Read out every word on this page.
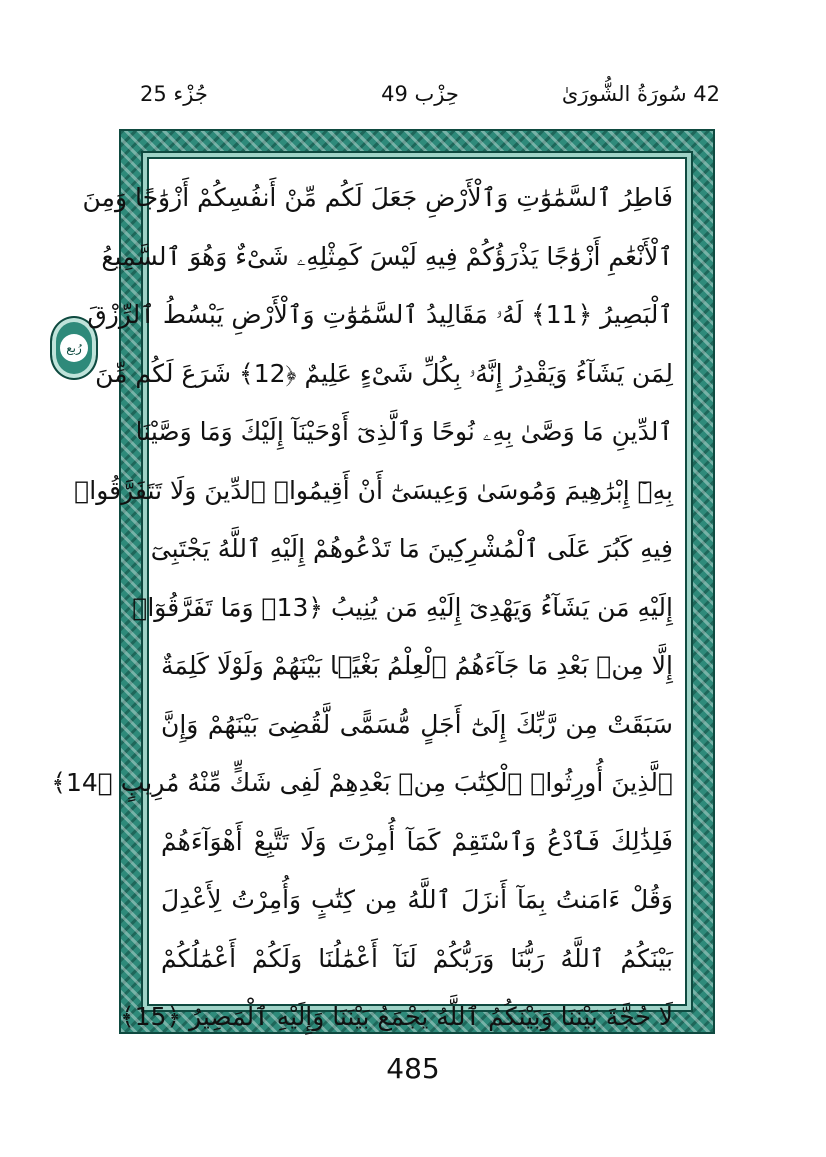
جُزْء 25	حِزْب 49	42 سُورَةُ الشُّورَىٰ
رُبع
فَاطِرُ ٱلسَّمَٰوَٰتِ وَٱلْأَرْضِ جَعَلَ لَكُم مِّنْ أَنفُسِكُمْ أَزْوَٰجًا وَمِنَ
ٱلْأَنْعَٰمِ أَزْوَٰجًا يَذْرَؤُكُمْ فِيهِ لَيْسَ كَمِثْلِهِۦ شَىْءٌ وَهُوَ ٱلسَّمِيعُ
ٱلْبَصِيرُ ﴿11﴾ لَهُۥ مَقَالِيدُ ٱلسَّمَٰوَٰتِ وَٱلْأَرْضِ يَبْسُطُ ٱلرِّزْقَ
لِمَن يَشَآءُ وَيَقْدِرُ إِنَّهُۥ بِكُلِّ شَىْءٍ عَلِيمٌ ﴿12﴾ شَرَعَ لَكُم مِّنَ
ٱلدِّينِ مَا وَصَّىٰ بِهِۦ نُوحًا وَٱلَّذِىٓ أَوْحَيْنَآ إِلَيْكَ وَمَا وَصَّيْنَا
بِهِۦٓ إِبْرَٰهِيمَ وَمُوسَىٰ وَعِيسَىٰٓ أَنْ أَقِيمُوا۟ ٱلدِّينَ وَلَا تَتَفَرَّقُوا۟
فِيهِ كَبُرَ عَلَى ٱلْمُشْرِكِينَ مَا تَدْعُوهُمْ إِلَيْهِ ٱللَّهُ يَجْتَبِىٓ
إِلَيْهِ مَن يَشَآءُ وَيَهْدِىٓ إِلَيْهِ مَن يُنِيبُ ﴿13﴾ وَمَا تَفَرَّقُوٓا۟
إِلَّا مِنۢ بَعْدِ مَا جَآءَهُمُ ٱلْعِلْمُ بَغْيًۢا بَيْنَهُمْ وَلَوْلَا كَلِمَةٌ
سَبَقَتْ مِن رَّبِّكَ إِلَىٰٓ أَجَلٍ مُّسَمًّى لَّقُضِىَ بَيْنَهُمْ وَإِنَّ
ٱلَّذِينَ أُورِثُوا۟ ٱلْكِتَٰبَ مِنۢ بَعْدِهِمْ لَفِى شَكٍّ مِّنْهُ مُرِيبٍ ﴿14﴾
فَلِذَٰلِكَ فَٱدْعُ وَٱسْتَقِمْ كَمَآ أُمِرْتَ وَلَا تَتَّبِعْ أَهْوَآءَهُمْ
وَقُلْ ءَامَنتُ بِمَآ أَنزَلَ ٱللَّهُ مِن كِتَٰبٍ وَأُمِرْتُ لِأَعْدِلَ
بَيْنَكُمُ ٱللَّهُ رَبُّنَا وَرَبُّكُمْ لَنَآ أَعْمَٰلُنَا وَلَكُمْ أَعْمَٰلُكُمْ
لَا حُجَّةَ بَيْنَنَا وَبَيْنَكُمُ ٱللَّهُ يَجْمَعُ بَيْنَنَا وَإِلَيْهِ ٱلْمَصِيرُ ﴿15﴾
485
